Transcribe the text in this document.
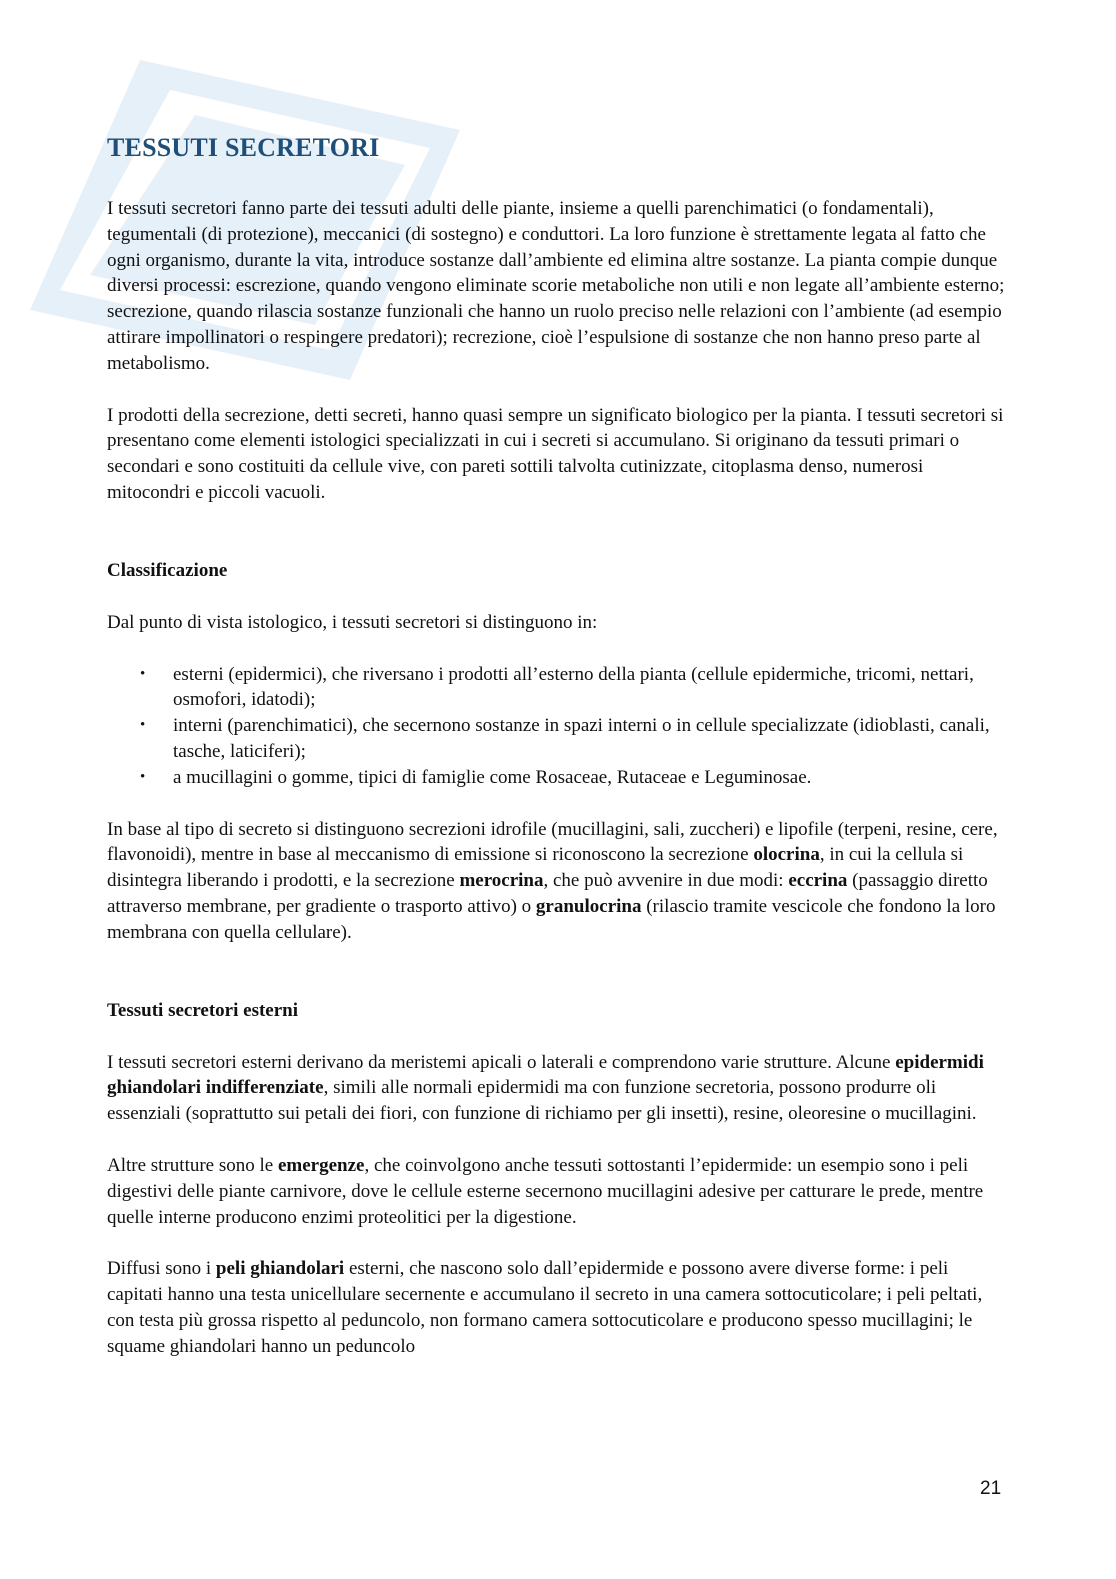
TESSUTI SECRETORI

I tessuti secretori fanno parte dei tessuti adulti delle piante, insieme a quelli parenchimatici (o fondamentali), tegumentali (di protezione), meccanici (di sostegno) e conduttori. La loro funzione è strettamente legata al fatto che ogni organismo, durante la vita, introduce sostanze dall’ambiente ed elimina altre sostanze. La pianta compie dunque diversi processi: escrezione, quando vengono eliminate scorie metaboliche non utili e non legate all’ambiente esterno; secrezione, quando rilascia sostanze funzionali che hanno un ruolo preciso nelle relazioni con l’ambiente (ad esempio attirare impollinatori o respingere predatori); recrezione, cioè l’espulsione di sostanze che non hanno preso parte al metabolismo.

I prodotti della secrezione, detti secreti, hanno quasi sempre un significato biologico per la pianta. I tessuti secretori si presentano come elementi istologici specializzati in cui i secreti si accumulano. Si originano da tessuti primari o secondari e sono costituiti da cellule vive, con pareti sottili talvolta cutinizzate, citoplasma denso, numerosi mitocondri e piccoli vacuoli.

Classificazione

Dal punto di vista istologico, i tessuti secretori si distinguono in:

• esterni (epidermici), che riversano i prodotti all’esterno della pianta (cellule epidermiche, tricomi, nettari, osmofori, idatodi);
• interni (parenchimatici), che secernono sostanze in spazi interni o in cellule specializzate (idioblasti, canali, tasche, laticiferi);
• a mucillagini o gomme, tipici di famiglie come Rosaceae, Rutaceae e Leguminosae.

In base al tipo di secreto si distinguono secrezioni idrofile (mucillagini, sali, zuccheri) e lipofile (terpeni, resine, cere, flavonoidi), mentre in base al meccanismo di emissione si riconoscono la secrezione olocrina, in cui la cellula si disintegra liberando i prodotti, e la secrezione merocrina, che può avvenire in due modi: eccrina (passaggio diretto attraverso membrane, per gradiente o trasporto attivo) o granulocrina (rilascio tramite vescicole che fondono la loro membrana con quella cellulare).

Tessuti secretori esterni

I tessuti secretori esterni derivano da meristemi apicali o laterali e comprendono varie strutture. Alcune epidermidi ghiandolari indifferenziate, simili alle normali epidermidi ma con funzione secretoria, possono produrre oli essenziali (soprattutto sui petali dei fiori, con funzione di richiamo per gli insetti), resine, oleoresine o mucillagini.

Altre strutture sono le emergenze, che coinvolgono anche tessuti sottostanti l’epidermide: un esempio sono i peli digestivi delle piante carnivore, dove le cellule esterne secernono mucillagini adesive per catturare le prede, mentre quelle interne producono enzimi proteolitici per la digestione.

Diffusi sono i peli ghiandolari esterni, che nascono solo dall’epidermide e possono avere diverse forme: i peli capitati hanno una testa unicellulare secernente e accumulano il secreto in una camera sottocuticolare; i peli peltati, con testa più grossa rispetto al peduncolo, non formano camera sottocuticolare e producono spesso mucillagini; le squame ghiandolari hanno un peduncolo

21
